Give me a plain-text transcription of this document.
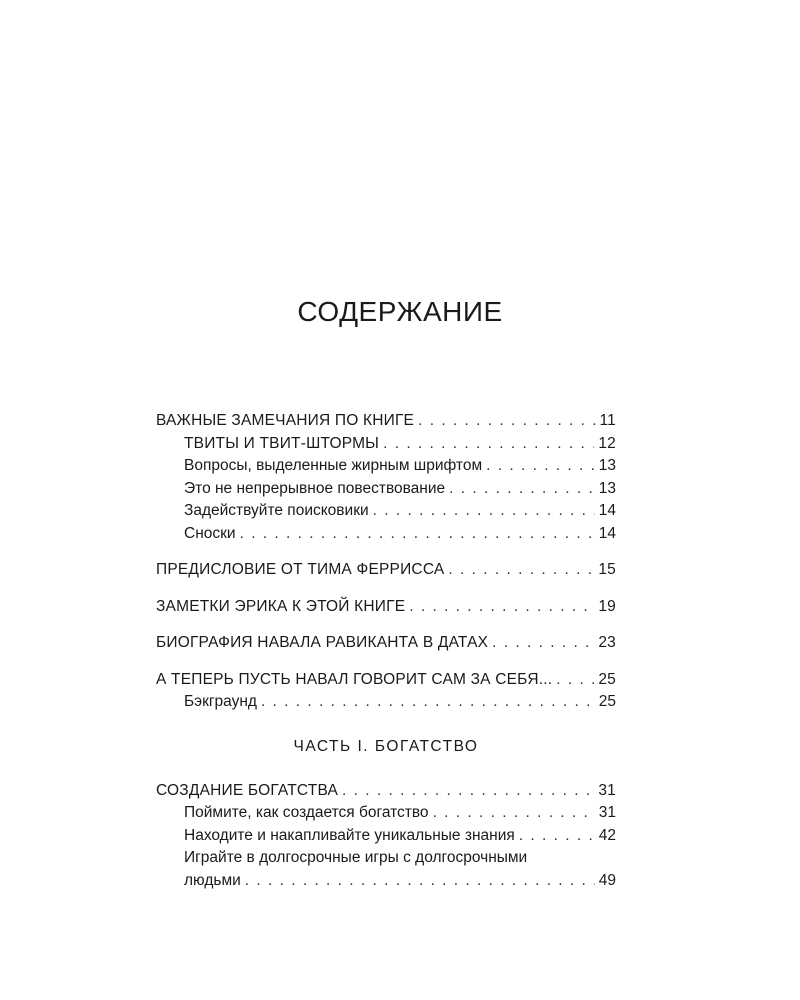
СОДЕРЖАНИЕ
ВАЖНЫЕ ЗАМЕЧАНИЯ ПО КНИГЕ . . .	11
ТВИТЫ И ТВИТ-ШТОРМЫ . . .	12
Вопросы, выделенные жирным шрифтом . . .	13
Это не непрерывное повествование . . .	13
Задействуйте поисковики . . .	14
Сноски . . .	14
ПРЕДИСЛОВИЕ ОТ ТИМА ФЕРРИССА . . .	15
ЗАМЕТКИ ЭРИКА К ЭТОЙ КНИГЕ . . .	19
БИОГРАФИЯ НАВАЛА РАВИКАНТА В ДАТАХ . . .	23
А ТЕПЕРЬ ПУСТЬ НАВАЛ ГОВОРИТ САМ ЗА СЕБЯ... . . .	25
Бэкграунд . . .	25

ЧАСТЬ I. БОГАТСТВО

СОЗДАНИЕ БОГАТСТВА . . .	31
Поймите, как создается богатство . . .	31
Находите и накапливайте уникальные знания . . .	42
Играйте в долгосрочные игры с долгосрочными
людьми . . .	49
